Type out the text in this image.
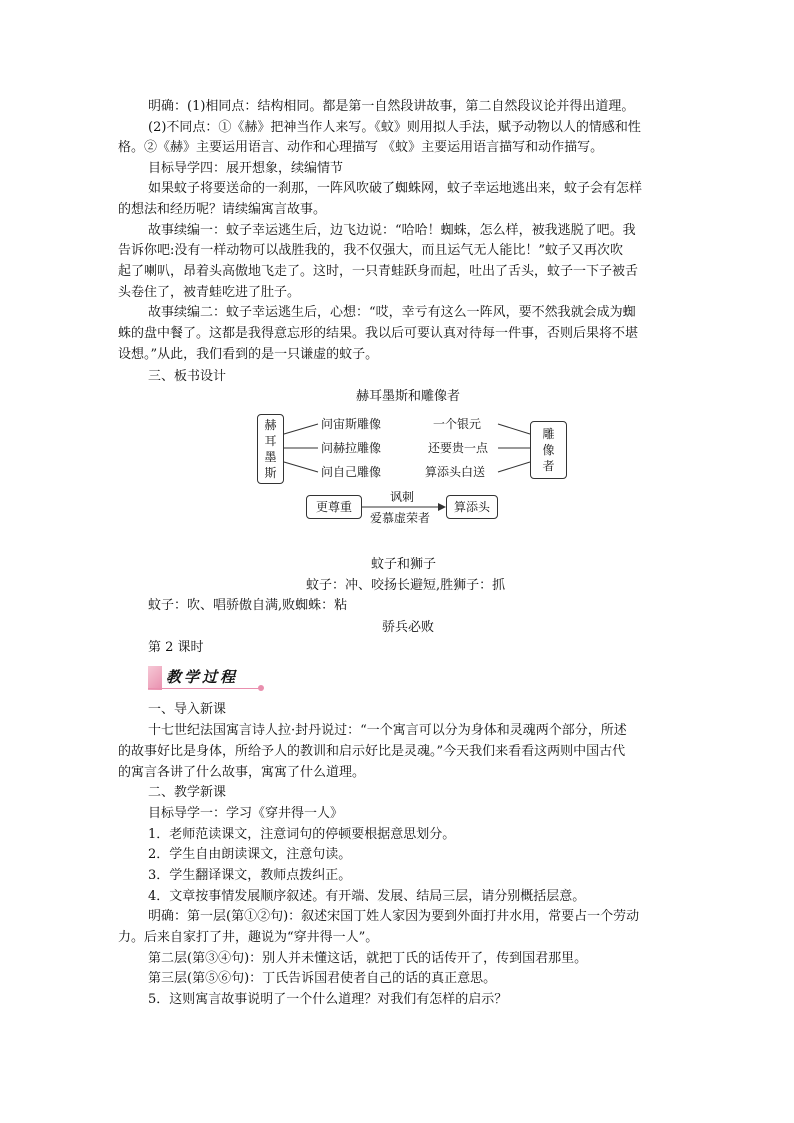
明确：(1)相同点：结构相同。都是第一自然段讲故事，第二自然段议论并得出道理。
(2)不同点：①《赫》把神当作人来写。《蚊》则用拟人手法，赋予动物以人的情感和性
格。②《赫》主要运用语言、动作和心理描写 《蚊》主要运用语言描写和动作描写。
目标导学四：展开想象，续编情节
如果蚊子将要送命的一刹那，一阵风吹破了蜘蛛网，蚊子幸运地逃出来，蚊子会有怎样
的想法和经历呢？请续编寓言故事。
故事续编一：蚊子幸运逃生后，边飞边说：“哈哈！蜘蛛，怎么样，被我逃脱了吧。我
告诉你吧:没有一样动物可以战胜我的，我不仅强大，而且运气无人能比！”蚊子又再次吹
起了喇叭，昂着头高傲地飞走了。这时，一只青蛙跃身而起，吐出了舌头，蚊子一下子被舌
头卷住了，被青蛙吃进了肚子。
故事续编二：蚊子幸运逃生后，心想：“哎，幸亏有这么一阵风，要不然我就会成为蜘
蛛的盘中餐了。这都是我得意忘形的结果。我以后可要认真对待每一件事，否则后果将不堪
设想。”从此，我们看到的是一只谦虚的蚊子。
三、板书设计
赫耳墨斯和雕像者
赫耳墨斯
雕像者
问宙斯雕像
问赫拉雕像
问自己雕像
一个银元
还要贵一点
算添头白送
更尊重	算添头
讽刺
爱慕虚荣者
蚊子和狮子
蚊子：冲、咬扬长避短,胜狮子：抓
蚊子：吹、唱骄傲自满,败蜘蛛：粘
骄兵必败
第 2 课时
教学过程
一、导入新课
十七世纪法国寓言诗人拉·封丹说过：“一个寓言可以分为身体和灵魂两个部分，所述
的故事好比是身体，所给予人的教训和启示好比是灵魂。”今天我们来看看这两则中国古代
的寓言各讲了什么故事，寓寓了什么道理。
二、教学新课
目标导学一：学习《穿井得一人》
1．老师范读课文，注意词句的停顿要根据意思划分。
2．学生自由朗读课文，注意句读。
3．学生翻译课文，教师点拨纠正。
4．文章按事情发展顺序叙述。有开端、发展、结局三层，请分别概括层意。
明确：第一层(第①②句)：叙述宋国丁姓人家因为要到外面打井水用，常要占一个劳动
力。后来自家打了井，趣说为“穿井得一人”。
第二层(第③④句)：别人并未懂这话，就把丁氏的话传开了，传到国君那里。
第三层(第⑤⑥句)：丁氏告诉国君使者自己的话的真正意思。
5．这则寓言故事说明了一个什么道理？对我们有怎样的启示？
